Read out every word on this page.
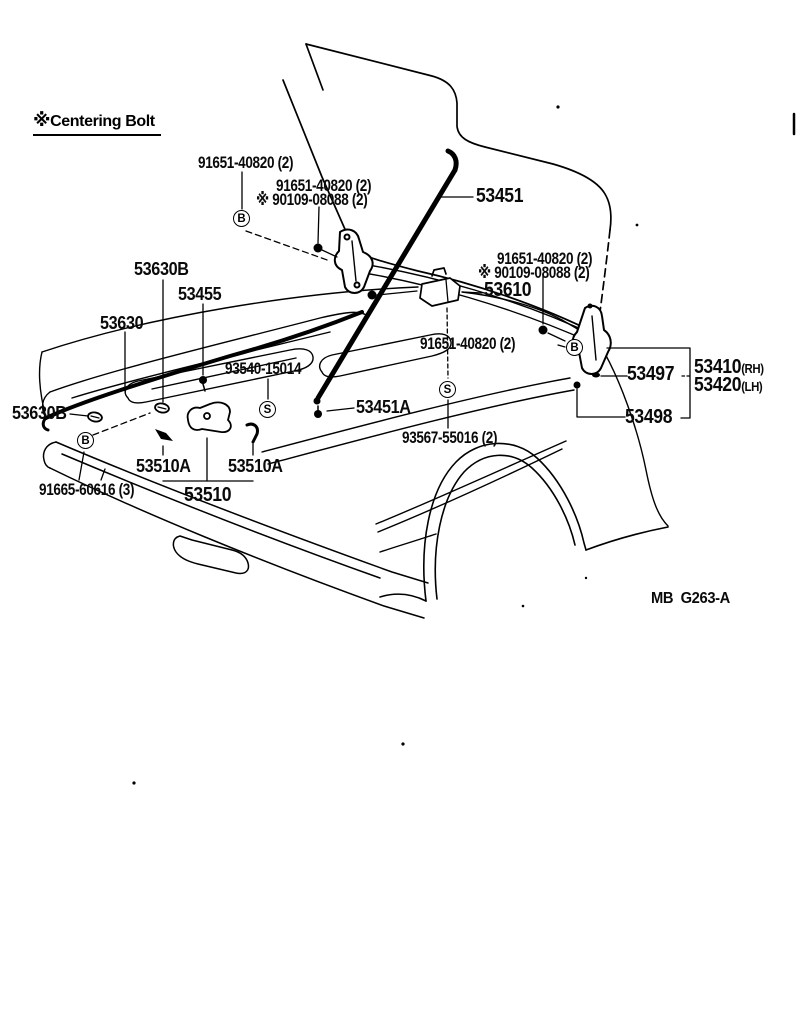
※Centering Bolt
91651-40820 (2)
91651-40820 (2)
※ 90109-08088 (2)	53451
53630B
53455
53630
91651-40820 (2)
※ 90109-08088 (2)
53610
91651-40820 (2)
53497 53410(RH)
53420(LH)
53498
93540-15014
53451A
93567-55016 (2)
53630B
53510A 53510A
91665-60616 (3) 53510
B
B
B
S
S
MB  G263-A
